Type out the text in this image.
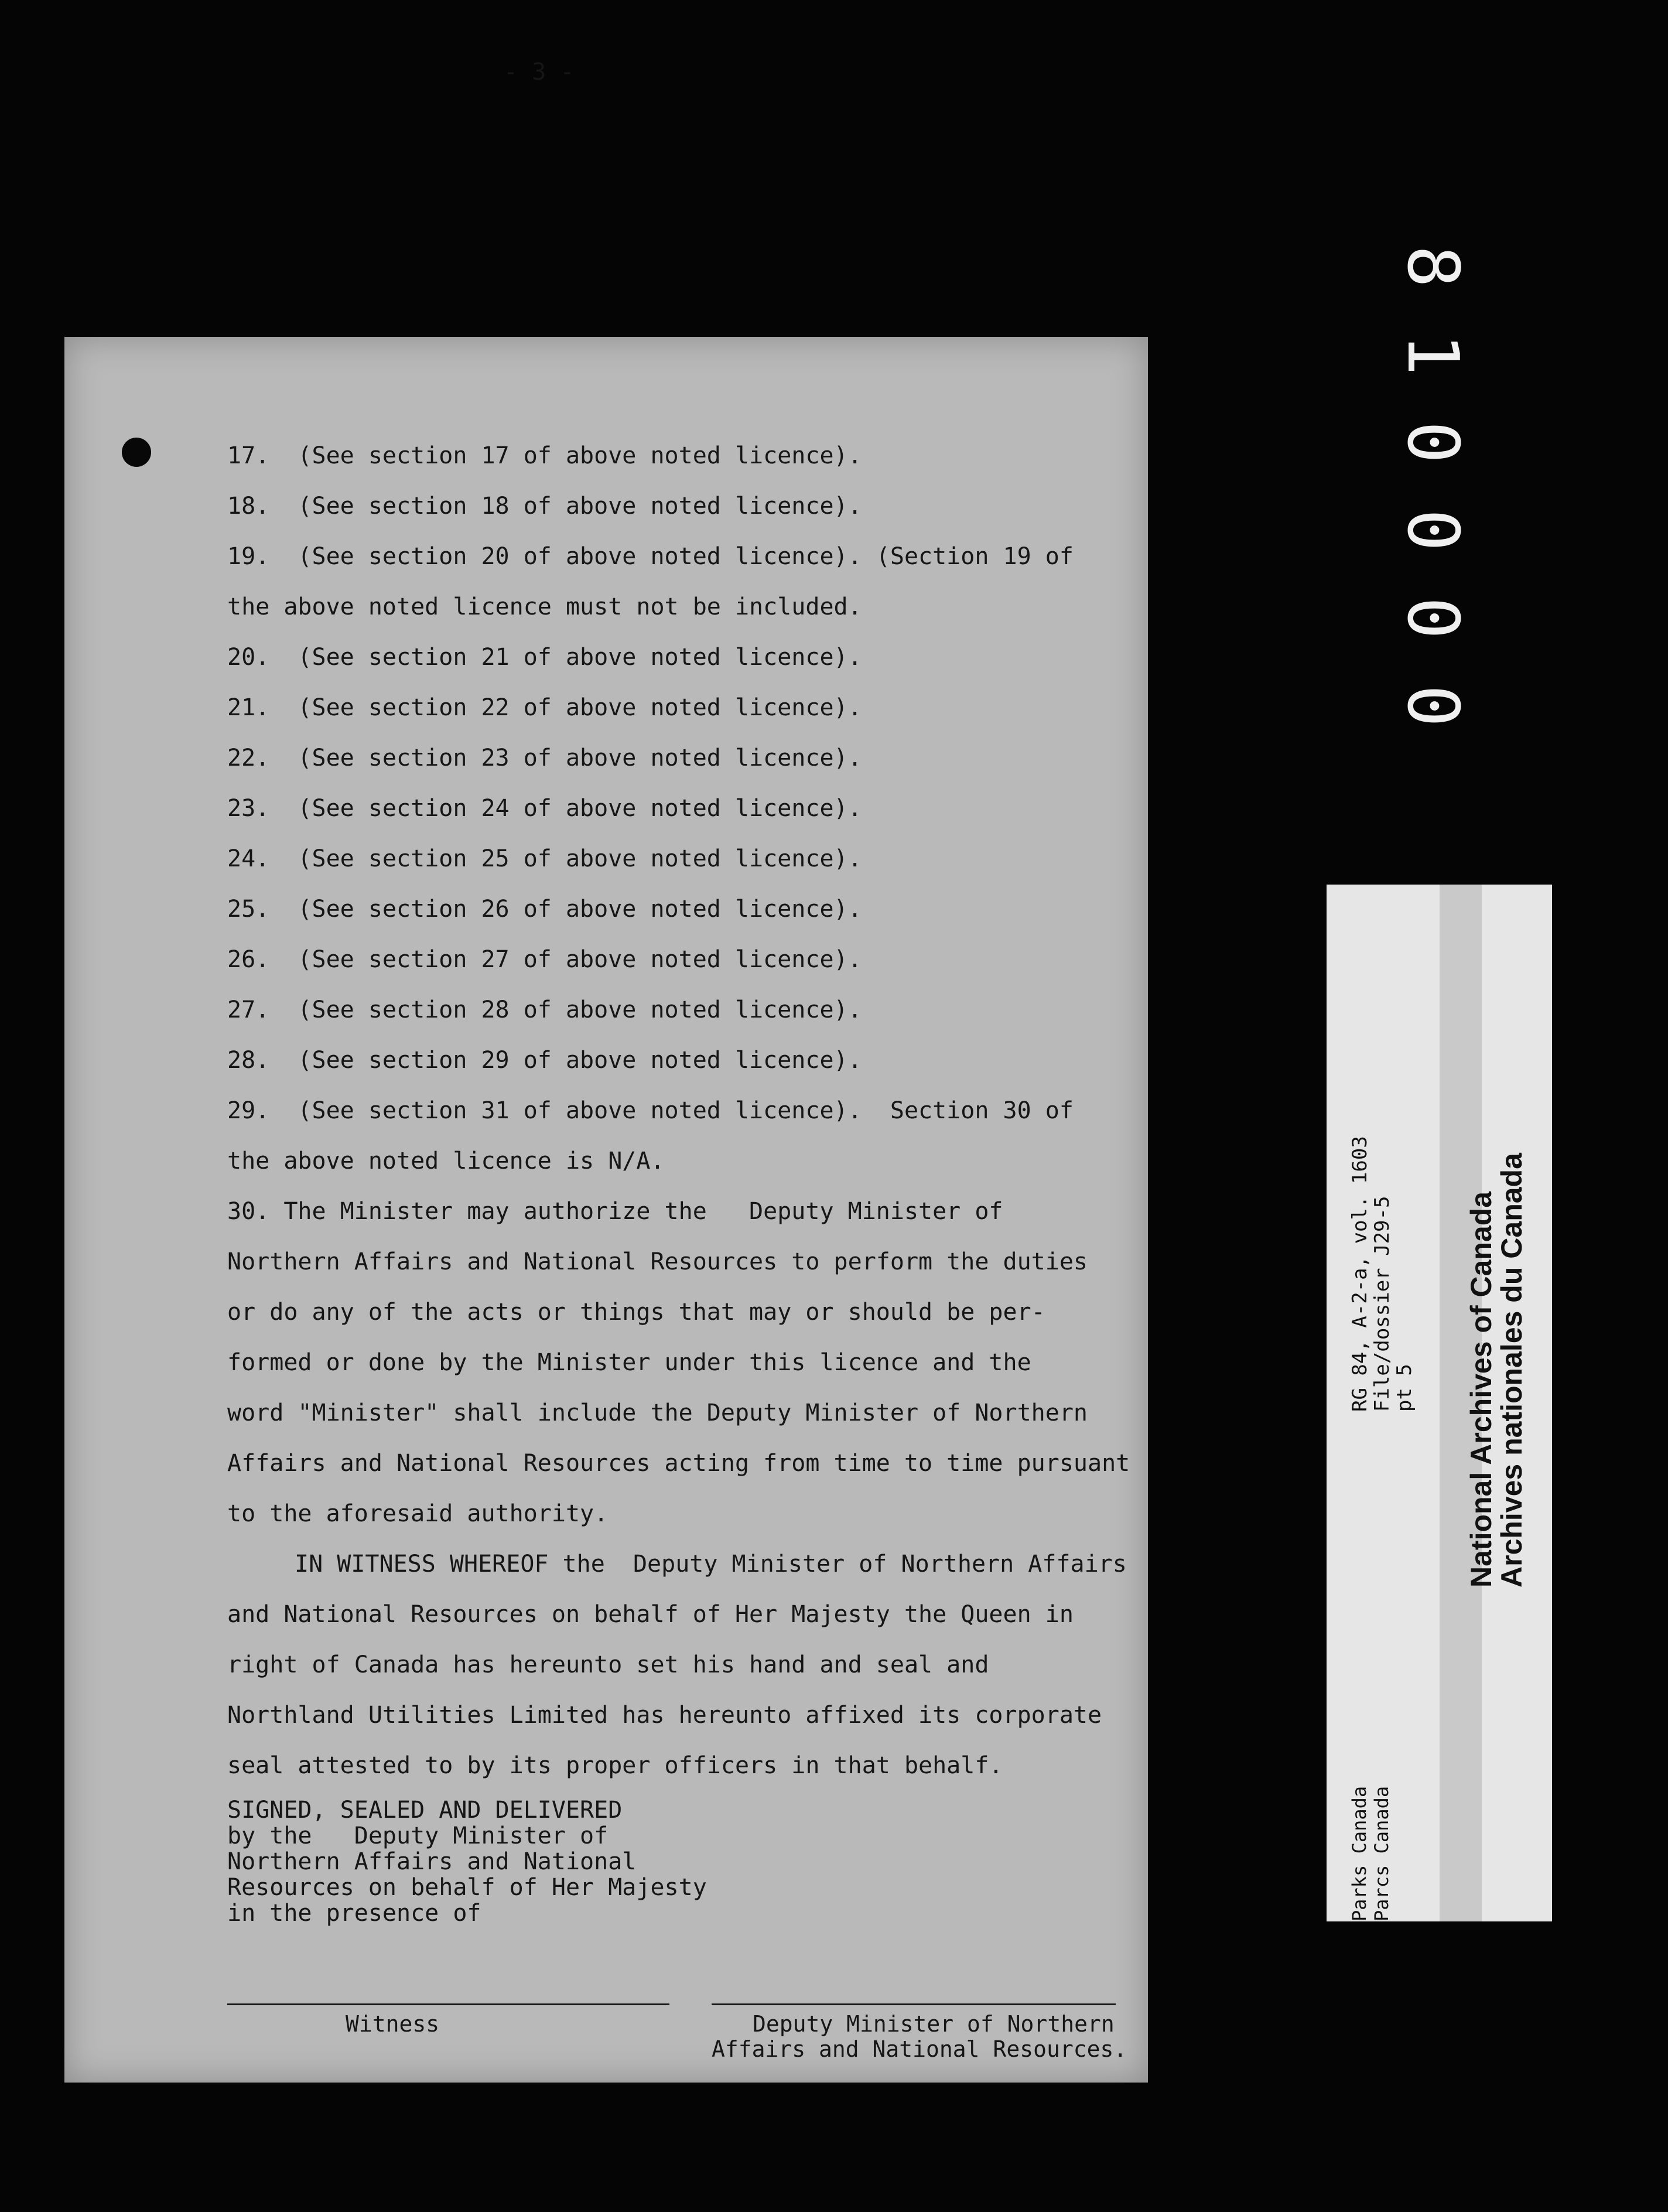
- 3 -
17.  (See section 17 of above noted licence).
18.  (See section 18 of above noted licence).
19.  (See section 20 of above noted licence). (Section 19 of
the above noted licence must not be included.
20.  (See section 21 of above noted licence).
21.  (See section 22 of above noted licence).
22.  (See section 23 of above noted licence).
23.  (See section 24 of above noted licence).
24.  (See section 25 of above noted licence).
25.  (See section 26 of above noted licence).
26.  (See section 27 of above noted licence).
27.  (See section 28 of above noted licence).
28.  (See section 29 of above noted licence).
29.  (See section 31 of above noted licence).  Section 30 of
the above noted licence is N/A.
30. The Minister may authorize the   Deputy Minister of
Northern Affairs and National Resources to perform the duties
or do any of the acts or things that may or should be per-
formed or done by the Minister under this licence and the
word "Minister" shall include the Deputy Minister of Northern
Affairs and National Resources acting from time to time pursuant
to the aforesaid authority.
IN WITNESS WHEREOF the  Deputy Minister of Northern Affairs
and National Resources on behalf of Her Majesty the Queen in
right of Canada has hereunto set his hand and seal and
Northland Utilities Limited has hereunto affixed its corporate
seal attested to by its proper officers in that behalf.
SIGNED, SEALED AND DELIVERED
by the   Deputy Minister of
Northern Affairs and National
Resources on behalf of Her Majesty
in the presence of
Witness	Deputy Minister of Northern
Affairs and National Resources.
8
1
0
0
0
0
RG 84, A-2-a, vol. 1603
File/dossier J29-5
pt 5
Parks Canada Parcs Canada
National Archives of Canada
Archives nationales du Canada
